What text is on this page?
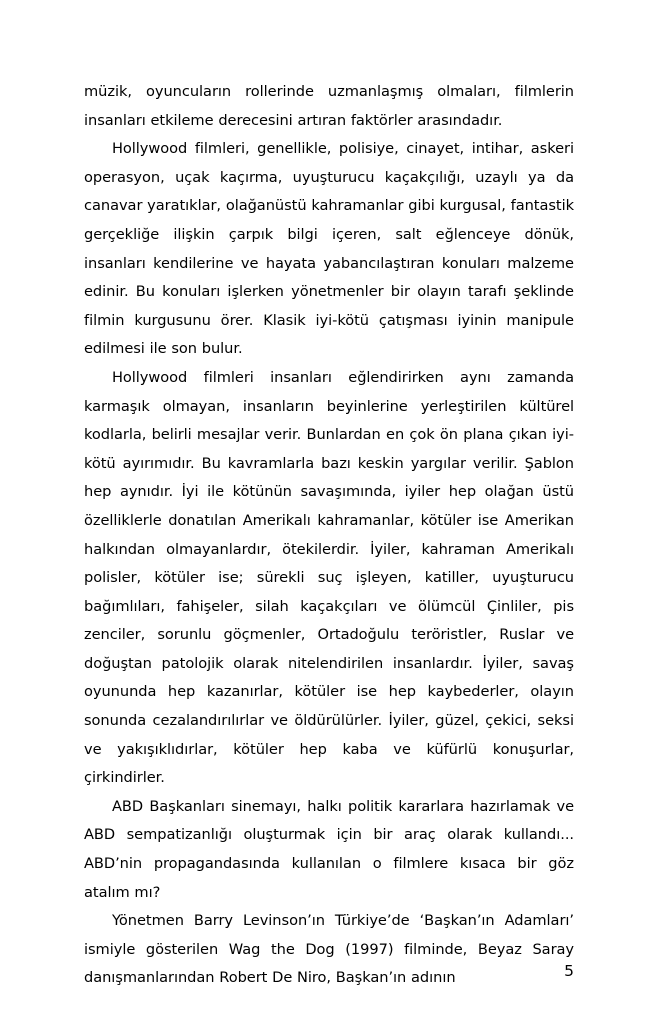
müzik, oyuncuların rollerinde uzmanlaşmış olmaları, filmlerin insanları etkileme derecesini artıran faktörler arasındadır.

Hollywood filmleri, genellikle, polisiye, cinayet, intihar, askeri operasyon, uçak kaçırma, uyuşturucu kaçakçılığı, uzaylı ya da canavar yaratıklar, olağanüstü kahramanlar gibi kurgusal, fantastik gerçekliğe ilişkin çarpık bilgi içeren, salt eğlenceye dönük, insanları kendilerine ve hayata yabancılaştıran konuları malzeme edinir. Bu konuları işlerken yönetmenler bir olayın tarafı şeklinde filmin kurgusunu örer. Klasik iyi-kötü çatışması iyinin manipule edilmesi ile son bulur.

Hollywood filmleri insanları eğlendirirken aynı zamanda karmaşık olmayan, insanların beyinlerine yerleştirilen kültürel kodlarla, belirli mesajlar verir. Bunlardan en çok ön plana çıkan iyi-kötü ayırımıdır. Bu kavramlarla bazı keskin yargılar verilir. Şablon hep aynıdır. İyi ile kötünün savaşımında, iyiler hep olağan üstü özelliklerle donatılan Amerikalı kahramanlar, kötüler ise Amerikan halkından olmayanlardır, ötekilerdir. İyiler, kahraman Amerikalı polisler, kötüler ise; sürekli suç işleyen, katiller, uyuşturucu bağımlıları, fahişeler, silah kaçakçıları ve ölümcül Çinliler, pis zenciler, sorunlu göçmenler, Ortadoğulu teröristler, Ruslar ve doğuştan patolojik olarak nitelendirilen insanlardır. İyiler, savaş oyununda hep kazanırlar, kötüler ise hep kaybederler, olayın sonunda cezalandırılırlar ve öldürülürler. İyiler, güzel, çekici, seksi ve yakışıklıdırlar, kötüler hep kaba ve küfürlü konuşurlar, çirkindirler.

ABD Başkanları sinemayı, halkı politik kararlara hazırlamak ve ABD sempatizanlığı oluşturmak için bir araç olarak kullandı... ABD’nin propagandasında kullanılan o filmlere kısaca bir göz atalım mı?

Yönetmen Barry Levinson’ın Türkiye’de ‘Başkan’ın Adamları’ ismiyle gösterilen Wag the Dog (1997) filminde, Beyaz Saray danışmanlarından Robert De Niro, Başkan’ın adının	5
